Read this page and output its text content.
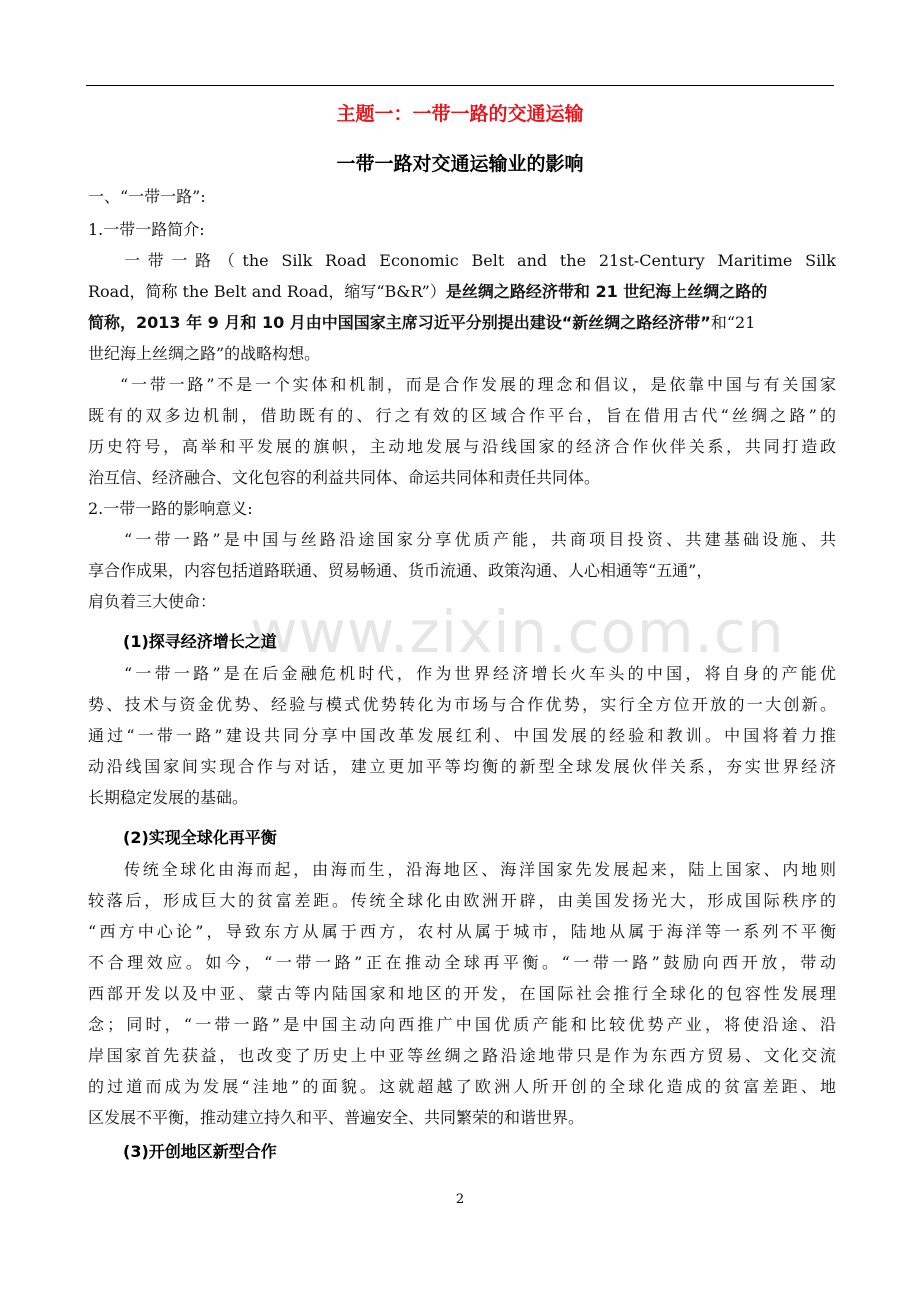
www.zixin.com.cn
主题一：一带一路的交通运输
一带一路对交通运输业的影响
一、“一带一路”:
1.一带一路简介:
一带一路（the Silk Road Economic Belt and the 21st-Century Maritime Silk
Road，简称 the Belt and Road，缩写“B&R”）是丝绸之路经济带和 21 世纪海上丝绸之路的
简称，2013 年 9 月和 10 月由中国国家主席习近平分别提出建设“新丝绸之路经济带”和“21
世纪海上丝绸之路”的战略构想。
“一带一路”不是一个实体和机制，而是合作发展的理念和倡议，是依靠中国与有关国家
既有的双多边机制，借助既有的、行之有效的区域合作平台，旨在借用古代“丝绸之路”的
历史符号，高举和平发展的旗帜，主动地发展与沿线国家的经济合作伙伴关系，共同打造政
治互信、经济融合、文化包容的利益共同体、命运共同体和责任共同体。
2.一带一路的影响意义:
“一带一路”是中国与丝路沿途国家分享优质产能，共商项目投资、共建基础设施、共
享合作成果，内容包括道路联通、贸易畅通、货币流通、政策沟通、人心相通等“五通”，
肩负着三大使命：
(1)探寻经济增长之道
“一带一路”是在后金融危机时代，作为世界经济增长火车头的中国，将自身的产能优
势、技术与资金优势、经验与模式优势转化为市场与合作优势，实行全方位开放的一大创新。
通过“一带一路”建设共同分享中国改革发展红利、中国发展的经验和教训。中国将着力推
动沿线国家间实现合作与对话，建立更加平等均衡的新型全球发展伙伴关系，夯实世界经济
长期稳定发展的基础。
(2)实现全球化再平衡
传统全球化由海而起，由海而生，沿海地区、海洋国家先发展起来，陆上国家、内地则
较落后，形成巨大的贫富差距。传统全球化由欧洲开辟，由美国发扬光大，形成国际秩序的
“西方中心论”，导致东方从属于西方，农村从属于城市，陆地从属于海洋等一系列不平衡
不合理效应。如今，“一带一路”正在推动全球再平衡。“一带一路”鼓励向西开放，带动
西部开发以及中亚、蒙古等内陆国家和地区的开发，在国际社会推行全球化的包容性发展理
念；同时，“一带一路”是中国主动向西推广中国优质产能和比较优势产业，将使沿途、沿
岸国家首先获益，也改变了历史上中亚等丝绸之路沿途地带只是作为东西方贸易、文化交流
的过道而成为发展“洼地”的面貌。这就超越了欧洲人所开创的全球化造成的贫富差距、地
区发展不平衡，推动建立持久和平、普遍安全、共同繁荣的和谐世界。
(3)开创地区新型合作
2
